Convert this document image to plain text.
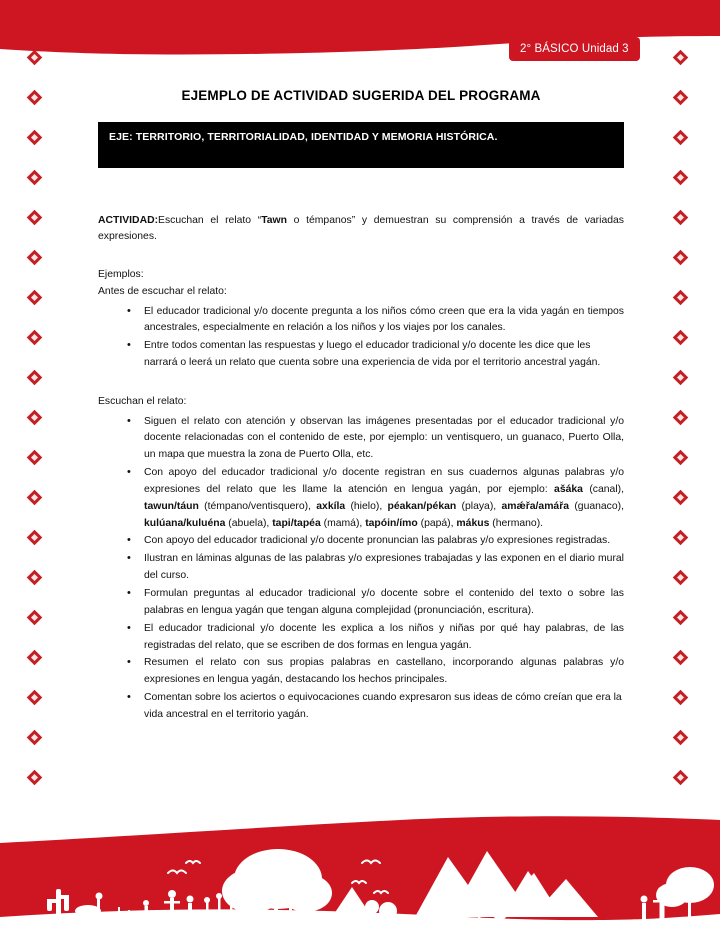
2° BÁSICO Unidad 3
EJEMPLO DE ACTIVIDAD SUGERIDA DEL PROGRAMA
EJE: TERRITORIO, TERRITORIALIDAD, IDENTIDAD Y MEMORIA HISTÓRICA.
ACTIVIDAD:Escuchan el relato “Tawn o témpanos” y demuestran su comprensión a través de variadas expresiones.
Ejemplos:
Antes de escuchar el relato:
• El educador tradicional y/o docente pregunta a los niños cómo creen que era la vida yagán en tiempos ancestrales, especialmente en relación a los niños y los viajes por los canales.
• Entre todos comentan las respuestas y luego el educador tradicional y/o docente les dice que les narrará o leerá un relato que cuenta sobre una experiencia de vida por el territorio ancestral yagán.
Escuchan el relato:
• Siguen el relato con atención y observan las imágenes presentadas por el educador tradicional y/o docente relacionadas con el contenido de este, por ejemplo: un ventisquero, un guanaco, Puerto Olla, un mapa que muestra la zona de Puerto Olla, etc.
• Con apoyo del educador tradicional y/o docente registran en sus cuadernos algunas palabras y/o expresiones del relato que les llame la atención en lengua yagán, por ejemplo: ašáka (canal), tawun/táun (témpano/ventisquero), axkíla (hielo), péakan/pékan (playa), amǽřa/amářa (guanaco), kulúana/kuluéna (abuela), tapi/tapéa (mamá), tapóin/ímo (papá), mákus (hermano).
• Con apoyo del educador tradicional y/o docente pronuncian las palabras y/o expresiones registradas.
• Ilustran en láminas algunas de las palabras y/o expresiones trabajadas y las exponen en el diario mural del curso.
• Formulan preguntas al educador tradicional y/o docente sobre el contenido del texto o sobre las palabras en lengua yagán que tengan alguna complejidad (pronunciación, escritura).
• El educador tradicional y/o docente les explica a los niños y niñas por qué hay palabras, de las registradas del relato, que se escriben de dos formas en lengua yagán.
• Resumen el relato con sus propias palabras en castellano, incorporando algunas palabras y/o expresiones en lengua yagán, destacando los hechos principales.
• Comentan sobre los aciertos o equivocaciones cuando expresaron sus ideas de cómo creían que era la vida ancestral en el territorio yagán.
